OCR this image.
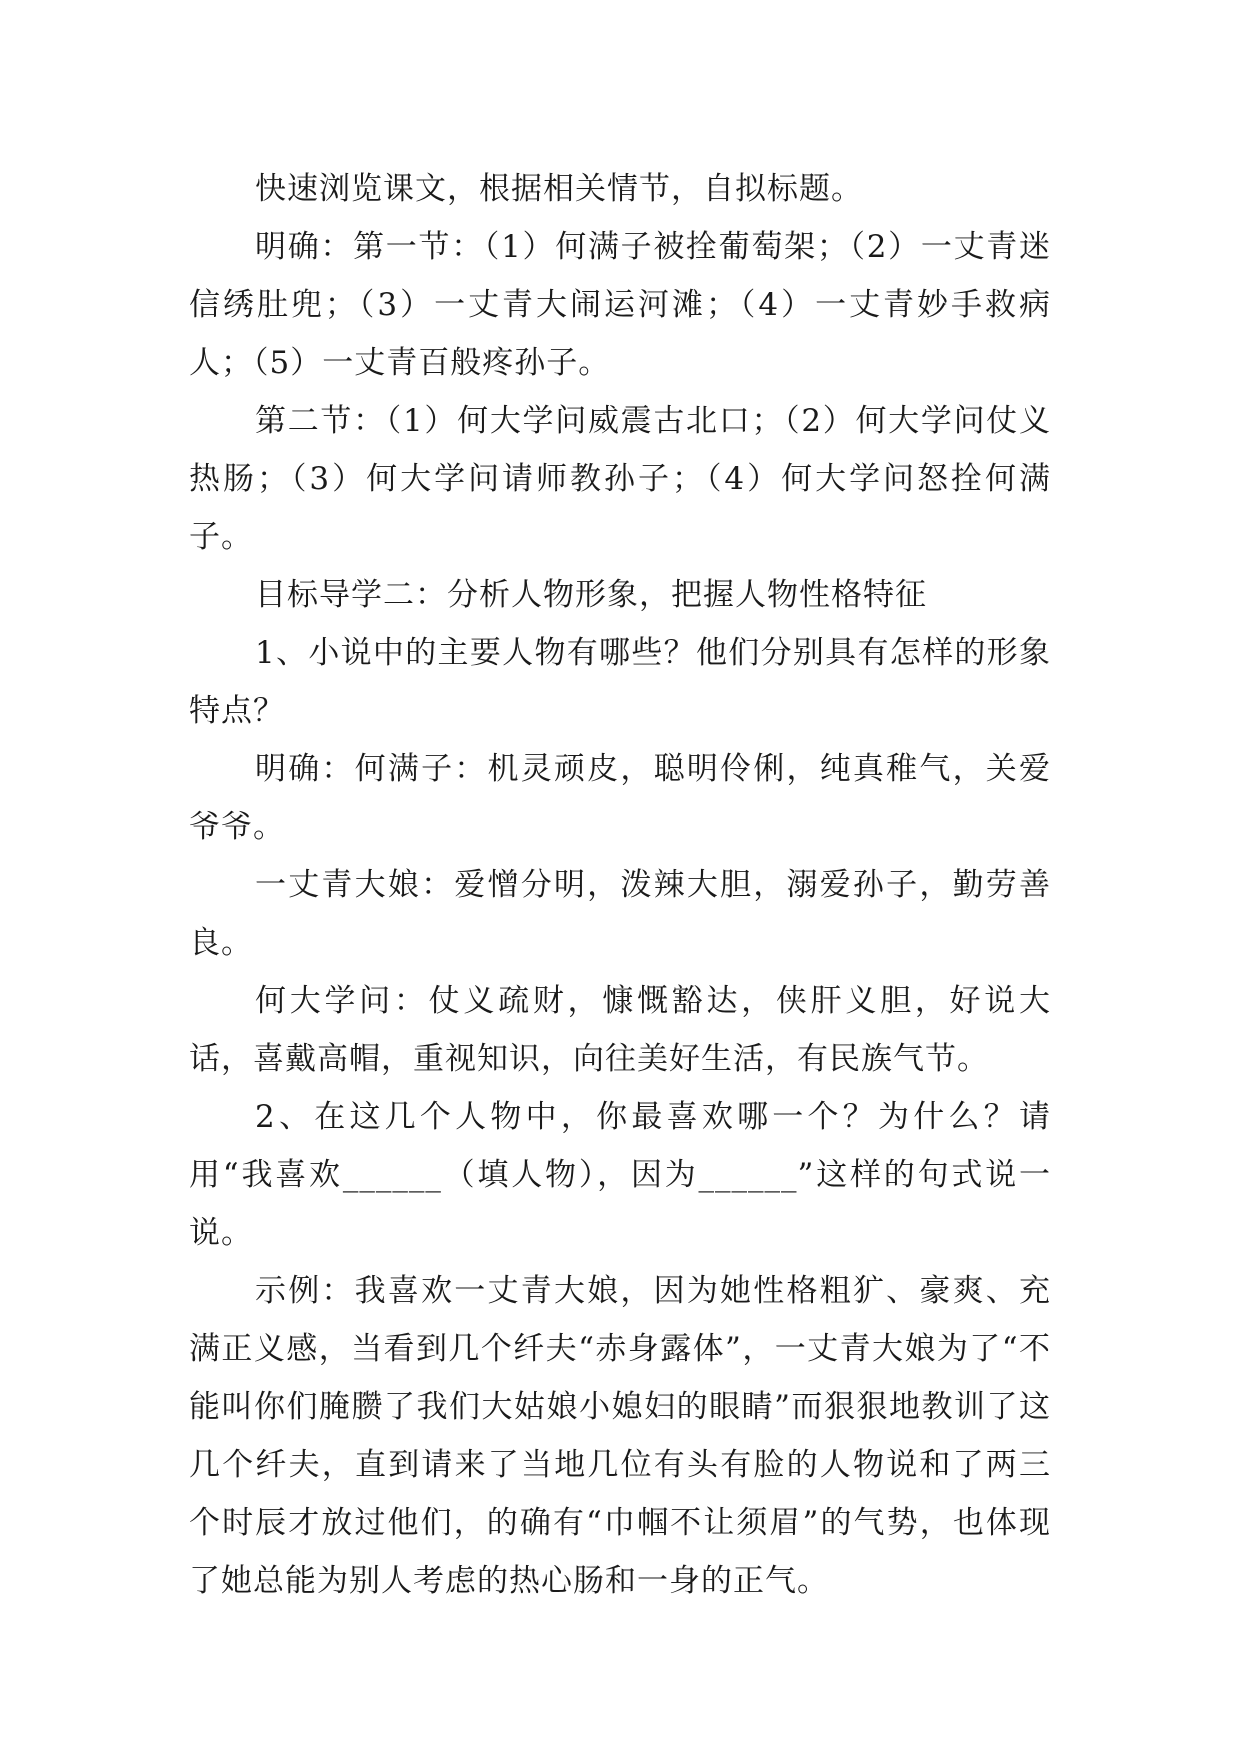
快速浏览课文，根据相关情节，自拟标题。

明确：第一节：（1）何满子被拴葡萄架；（2）一丈青迷信绣肚兜；（3）一丈青大闹运河滩；（4）一丈青妙手救病人；（5）一丈青百般疼孙子。

第二节：（1）何大学问威震古北口；（2）何大学问仗义热肠；（3）何大学问请师教孙子；（4）何大学问怒拴何满子。

目标导学二：分析人物形象，把握人物性格特征

1、小说中的主要人物有哪些？他们分别具有怎样的形象特点？

明确：何满子：机灵顽皮，聪明伶俐，纯真稚气，关爱爷爷。

一丈青大娘：爱憎分明，泼辣大胆，溺爱孙子，勤劳善良。

何大学问：仗义疏财，慷慨豁达，侠肝义胆，好说大话，喜戴高帽，重视知识，向往美好生活，有民族气节。

2、在这几个人物中，你最喜欢哪一个？为什么？请用“我喜欢______（填人物），因为______”这样的句式说一说。

示例：我喜欢一丈青大娘，因为她性格粗犷、豪爽、充满正义感，当看到几个纤夫“赤身露体”，一丈青大娘为了“不能叫你们腌臜了我们大姑娘小媳妇的眼睛”而狠狠地教训了这几个纤夫，直到请来了当地几位有头有脸的人物说和了两三个时辰才放过他们，的确有“巾帼不让须眉”的气势，也体现了她总能为别人考虑的热心肠和一身的正气。
